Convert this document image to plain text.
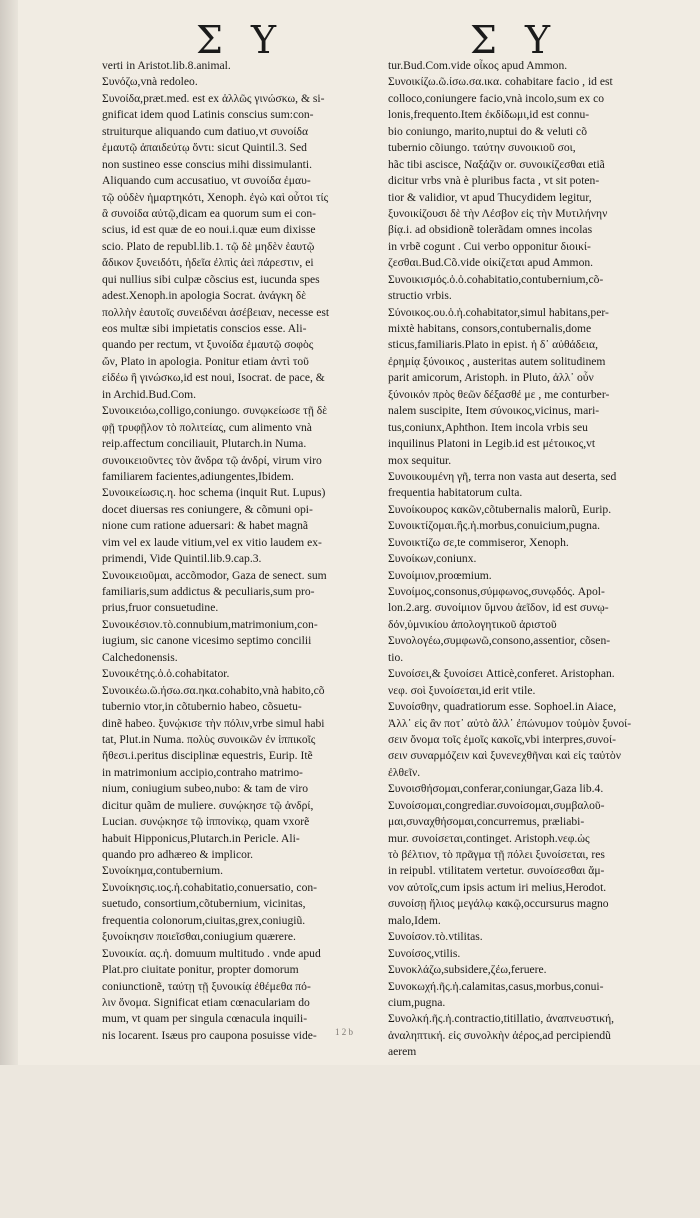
Σ Υ	Σ Υ
verti in Aristot.lib.8.animal.
Συνόζω,vnà redoleo.
Συνοίδα,præt.med. est ex ἀλλῶς γινώσκω, & si-
gnificat idem quod Latinis conscius sum:con-
struiturque aliquando cum datiuo,vt συνοίδα
ἐμαυτῷ ἀπαιδεύτῳ ὄντι: sicut Quintil.3. Sed
non sustineo esse conscius mihi dissimulanti.
Aliquando cum accusatiuo, vt συνοίδα ἐμαυ-
τῷ οὐδὲν ἡμαρτηκότι, Xenoph. ἐγὼ καὶ οὗτοι τίς
ἃ συνοίδα αὐτῷ,dicam ea quorum sum ei con-
scius, id est quæ de eo noui.i.quæ eum dixisse
scio. Plato de republ.lib.1. τῷ δὲ μηδὲν ἑαυτῷ
ἄδικον ξυνειδότι, ἡδεῖα ἐλπὶς ἀεὶ πάρεστιν, ei
qui nullius sibi culpæ cõscius est, iucunda spes
adest.Xenoph.in apologia Socrat. ἀνάγκη δὲ
πολλὴν ἑαυτοῖς συνειδέναι ἀσέβειαν, necesse est
eos multæ sibi impietatis conscios esse. Ali-
quando per rectum, vt ξυνοίδα ἐμαυτῷ σοφὸς
ὤν, Plato in apologia. Ponitur etiam ἀντὶ τοῦ
εἰδέω ἢ γινώσκω,id est noui, Isocrat. de pace, &
in Archid.Bud.Com.
Συνοικειόω,colligo,coniungo. συνῳκείωσε τῇ δὲ
φῇ τρυφῇλον τὸ πολιτείας, cum alimento vnà
reip.affectum conciliauit, Plutarch.in Numa.
συνοικειοῦντες τὸν ἄνδρα τῷ ἀνδρί, virum viro
familiarem facientes,adiungentes,Ibidem.
Συνοικείωσις.η. hoc schema (inquit Rut. Lupus)
docet diuersas res coniungere, & cõmuni opi-
nione cum ratione aduersari: & habet magnã
vim vel ex laude vitium,vel ex vitio laudem ex-
primendi, Vide Quintil.lib.9.cap.3.
Συνοικειοῦμαι, accõmodor, Gaza de senect. sum
familiaris,sum addictus & peculiaris,sum pro-
prius,fruor consuetudine.
Συνοικέσιον.τὸ.connubium,matrimonium,con-
iugium, sic canone vicesimo septimo concilii
Calchedonensis.
Συνοικέτης.ὁ.ὁ.cohabitator.
Συνοικέω.ῶ.ήσω.σα.ηκα.cohabito,vnà habito,cõ
tubernio vtor,in cõtubernio habeo, cõsuetu-
dinẽ habeo. ξυνῴκισε τὴν πόλιν,vrbe simul habi
tat, Plut.in Numa. πολὺς συνοικῶν ἐν ἱππικοῖς
ἤθεσι.i.peritus disciplinæ equestris, Eurip. Itẽ
in matrimonium accipio,contraho matrimo-
nium, coniugium subeo,nubo: & tam de viro
dicitur quãm de muliere. συνῴκησε τῷ ἀνδρί,
Lucian. συνῴκησε τῷ ἱππονίκῳ, quam vxorẽ
habuit Hipponicus,Plutarch.in Pericle. Ali-
quando pro adhæreo & implicor.
Συνοίκημα,contubernium.
Συνοίκησις.ιος.ἡ.cohabitatio,conuersatio, con-
suetudo, consortium,cõtubernium, vicinitas,
frequentia colonorum,ciuitas,grex,coniugiũ.
ξυνοίκησιν ποιεῖσθαι,coniugium quærere.
Συνοικία. ας.ἡ. domuum multitudo . vnde apud
Plat.pro ciuitate ponitur, propter domorum
coniunctionẽ, ταύτῃ τῇ ξυνοικίᾳ ἐθέμεθα πό-
λιν ὄνομα. Significat etiam cœnaculariam do
mum, vt quam per singula cœnacula inquili-
nis locarent. Isæus pro caupona posuisse vide-
tur.Bud.Com.vide οἶκος apud Ammon.
Συνοικίζω.ῶ.ίσω.σα.ικα. cohabitare facio , id est
colloco,coniungere facio,vnà incolo,sum ex co
lonis,frequento.Item ἐκδίδωμι,id est connu-
bio coniungo, marito,nuptui do & veluti cõ
tubernio cõiungo. ταύτην συνοικιοῦ σοι,
hãc tibi ascisce, Ναξάζιν or. συνοικίζεσθαι etiã
dicitur vrbs vnà è pluribus facta , vt sit poten-
tior & validior, vt apud Thucydidem legitur,
ξυνοικίζουσι δὲ τὴν Λέσβον εἰς τὴν Μυτιλήνην
βίᾳ.i. ad obsidionẽ tolerãdam omnes incolas
in vrbẽ cogunt . Cui verbo opponitur διοικί-
ζεσθαι.Bud.Cõ.vide οἰκίζεται apud Ammon.
Συνοικισμός.ὁ.ὁ.cohabitatio,contubernium,cõ-
structio vrbis.
Σύνοικος.ου.ὁ.ἡ.cohabitator,simul habitans,per-
mixtè habitans, consors,contubernalis,dome
sticus,familiaris.Plato in epist. ἡ δ᾽ αὐθάδεια,
ἐρημίᾳ ξύνοικος , austeritas autem solitudinem
parit amicorum, Aristoph. in Pluto, ἀλλ᾽ οὖν
ξύνοικόν πρὸς θεῶν δέξασθέ με , me conturber-
nalem suscipite, Item σύνοικος,vicinus, mari-
tus,coniunx,Aphthon. Item incola vrbis seu
inquilinus Platoni in Legib.id est μέτοικος,vt
mox sequitur.
Συνοικουμένη γῆ, terra non vasta aut deserta, sed
frequentia habitatorum culta.
Συνοίκουρος κακῶν,cõtubernalis malorũ, Eurip.
Συνοικτίζομαι.ἢς.ἡ.morbus,conuicium,pugna.
Συνοικτίζω σε,te commiseror, Xenoph.
Συνοίκων,coniunx.
Συνοίμιον,proœmium.
Συνοίμος,consonus,σύμφωνος,συνῳδός. Apol-
lon.2.arg. συνοίμιον ὕμνου ἀεῖδον, id est συνῳ-
δόν,ὑμνικίου ἀπολογητικοῦ ἀριστοῦ
Συνολογέω,συμφωνῶ,consono,assentior, cõsen-
tio.
Συνοίσει,& ξυνοίσει Atticè,conferet. Aristophan.
νεφ. σοὶ ξυνοίσεται,id erit vtile.
Συνοίσθην, quadratiorum esse. Sophoel.in Aiace,
Ἀλλ᾽ εἰς ἂν ποτ᾽ αὐτὸ ἄλλ᾽ ἐπώνυμον τοὐμὸν ξυνοί-
σειν ὄνομα τοῖς ἐμοῖς κακοῖς,vbi interpres,συνοί-
σειν συναρμόζειν καὶ ξυνενεχθῆναι καὶ εἰς ταὐτὸν
ἐλθεῖν.
Συνοισθήσομαι,conferar,coniungar,Gaza lib.4.
Συνοίσομαι,congrediar.συνοίσομαι,συμβαλοῦ-
μαι,συναχθήσομαι,concurremus, præliabi-
mur. συνοίσεται,continget. Aristoph.νεφ.ὡς
τὸ βέλτιον, τὸ πρᾶγμα τῇ πόλει ξυνοίσεται, res
in reipubl. vtilitatem vertetur. συνοίσεσθαι ἅμ-
νον αὐτοῖς,cum ipsis actum iri melius,Herodot.
συνοίσῃ ἥλιος μεγάλῳ κακῷ,occursurus magno
malo,Idem.
Συνοίσον.τὸ.vtilitas.
Συνοίσος,vtilis.
Συνοκλάζω,subsidere,ζέω,feruere.
Συνοκωχή.ῆς.ἡ.calamitas,casus,morbus,conui-
cium,pugna.
Συνολκή.ῆς.ἡ.contractio,titillatio, ἀναπνευστική,
ἀναληπτική. εἰς συνολκὴν ἀέρος,ad percipiendũ
aerem
1 2 b
